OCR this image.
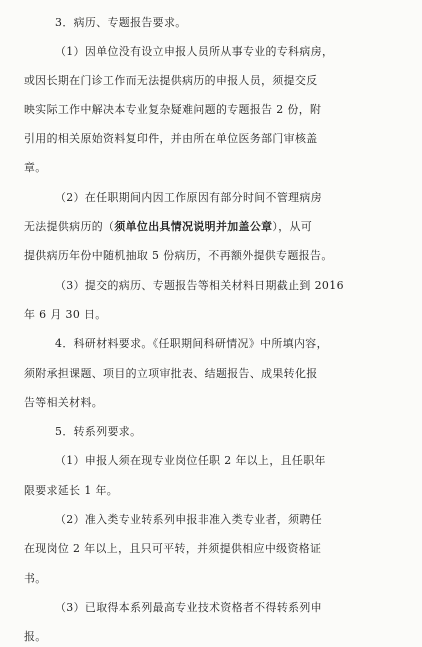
3．病历、专题报告要求。
（1）因单位没有设立申报人员所从事专业的专科病房，
或因长期在门诊工作而无法提供病历的申报人员，须提交反
映实际工作中解决本专业复杂疑难问题的专题报告 2 份，附
引用的相关原始资料复印件，并由所在单位医务部门审核盖
章。
（2）在任职期间内因工作原因有部分时间不管理病房
无法提供病历的（须单位出具情况说明并加盖公章），从可
提供病历年份中随机抽取 5 份病历，不再额外提供专题报告。
（3）提交的病历、专题报告等相关材料日期截止到 2016
年 6 月 30 日。
4．科研材料要求。《任职期间科研情况》中所填内容，
须附承担课题、项目的立项审批表、结题报告、成果转化报
告等相关材料。
5．转系列要求。
（1）申报人须在现专业岗位任职 2 年以上，且任职年
限要求延长 1 年。
（2）准入类专业转系列申报非准入类专业者，须聘任
在现岗位 2 年以上，且只可平转，并须提供相应中级资格证
书。
（3）已取得本系列最高专业技术资格者不得转系列申
报。
